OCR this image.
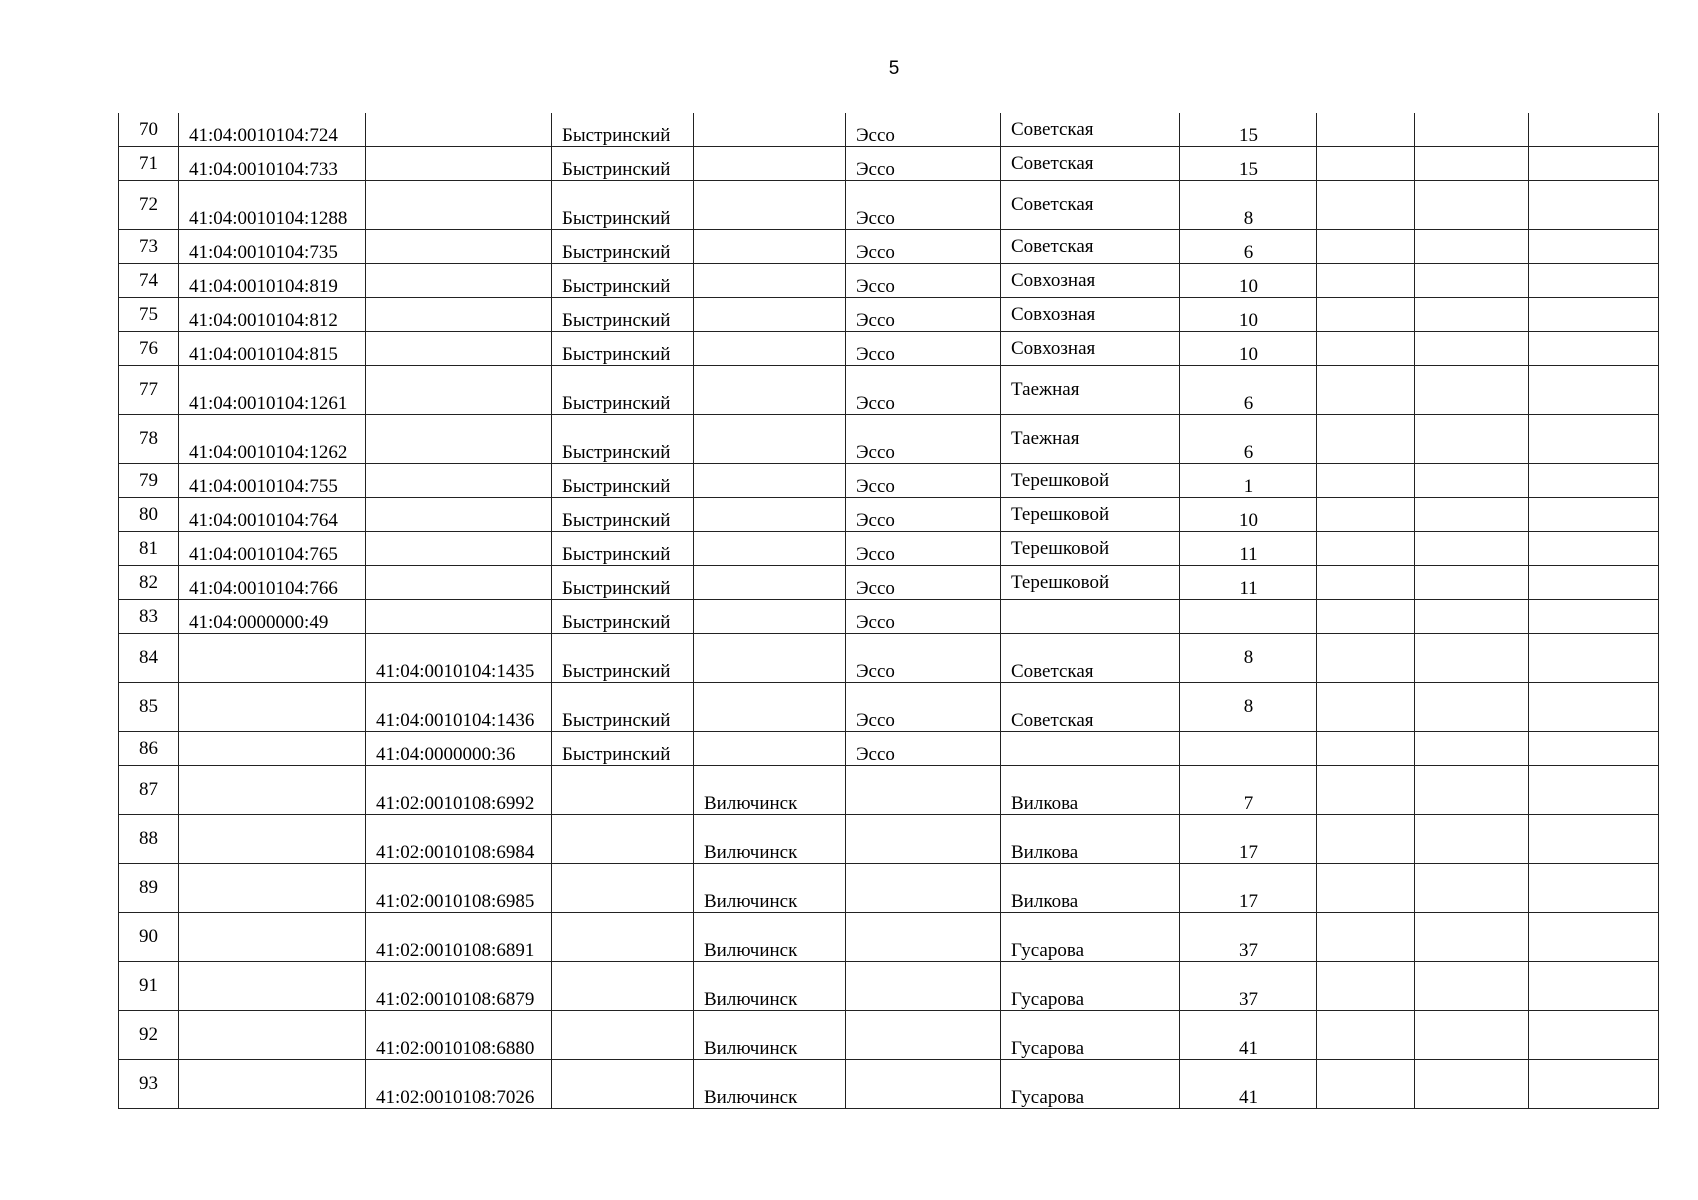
5
70	41:04:0010104:724		Быстринский		Эссо	Советская	15			
71	41:04:0010104:733		Быстринский		Эссо	Советская	15			
72	41:04:0010104:1288		Быстринский		Эссо	Советская	8			
73	41:04:0010104:735		Быстринский		Эссо	Советская	6			
74	41:04:0010104:819		Быстринский		Эссо	Совхозная	10			
75	41:04:0010104:812		Быстринский		Эссо	Совхозная	10			
76	41:04:0010104:815		Быстринский		Эссо	Совхозная	10			
77	41:04:0010104:1261		Быстринский		Эссо	Таежная	6			
78	41:04:0010104:1262		Быстринский		Эссо	Таежная	6			
79	41:04:0010104:755		Быстринский		Эссо	Терешковой	1			
80	41:04:0010104:764		Быстринский		Эссо	Терешковой	10			
81	41:04:0010104:765		Быстринский		Эссо	Терешковой	11			
82	41:04:0010104:766		Быстринский		Эссо	Терешковой	11			
83	41:04:0000000:49		Быстринский		Эссо					
84		41:04:0010104:1435	Быстринский		Эссо	Советская	8			
85		41:04:0010104:1436	Быстринский		Эссо	Советская	8			
86		41:04:0000000:36	Быстринский		Эссо					
87		41:02:0010108:6992		Вилючинск		Вилкова	7			
88		41:02:0010108:6984		Вилючинск		Вилкова	17			
89		41:02:0010108:6985		Вилючинск		Вилкова	17			
90		41:02:0010108:6891		Вилючинск		Гусарова	37			
91		41:02:0010108:6879		Вилючинск		Гусарова	37			
92		41:02:0010108:6880		Вилючинск		Гусарова	41			
93		41:02:0010108:7026		Вилючинск		Гусарова	41			
